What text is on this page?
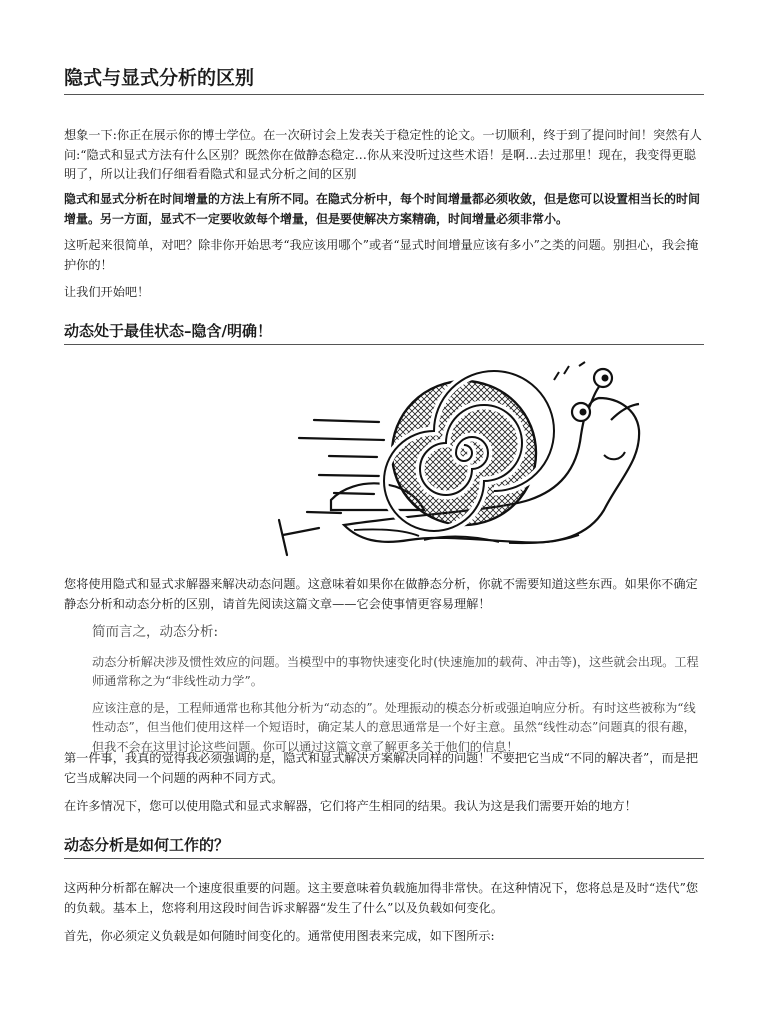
隐式与显式分析的区别

想象一下:你正在展示你的博士学位。在一次研讨会上发表关于稳定性的论文。一切顺利，终于到了提问时间！突然有人问:“隐式和显式方法有什么区别？既然你在做静态稳定…你从来没听过这些术语！是啊…去过那里！现在，我变得更聪明了，所以让我们仔细看看隐式和显式分析之间的区别

隐式和显式分析在时间增量的方法上有所不同。在隐式分析中，每个时间增量都必须收敛，但是您可以设置相当长的时间增量。另一方面，显式不一定要收敛每个增量，但是要使解决方案精确，时间增量必须非常小。

这听起来很简单，对吧？除非你开始思考“我应该用哪个”或者“显式时间增量应该有多小”之类的问题。别担心，我会掩护你的！

让我们开始吧！

动态处于最佳状态–隐含/明确！

您将使用隐式和显式求解器来解决动态问题。这意味着如果你在做静态分析，你就不需要知道这些东西。如果你不确定静态分析和动态分析的区别，请首先阅读这篇文章——它会使事情更容易理解！

简而言之，动态分析:

动态分析解决涉及惯性效应的问题。当模型中的事物快速变化时(快速施加的载荷、冲击等)，这些就会出现。工程师通常称之为“非线性动力学”。

应该注意的是，工程师通常也称其他分析为“动态的”。处理振动的模态分析或强迫响应分析。有时这些被称为“线性动态”，但当他们使用这样一个短语时，确定某人的意思通常是一个好主意。虽然“线性动态”问题真的很有趣，但我不会在这里讨论这些问题。你可以通过这篇文章了解更多关于他们的信息！

第一件事，我真的觉得我必须强调的是，隐式和显式解决方案解决同样的问题！不要把它当成“不同的解决者”，而是把它当成解决同一个问题的两种不同方式。

在许多情况下，您可以使用隐式和显式求解器，它们将产生相同的结果。我认为这是我们需要开始的地方！

动态分析是如何工作的？

这两种分析都在解决一个速度很重要的问题。这主要意味着负载施加得非常快。在这种情况下，您将总是及时“迭代”您的负载。基本上，您将利用这段时间告诉求解器“发生了什么”以及负载如何变化。

首先，你必须定义负载是如何随时间变化的。通常使用图表来完成，如下图所示:
